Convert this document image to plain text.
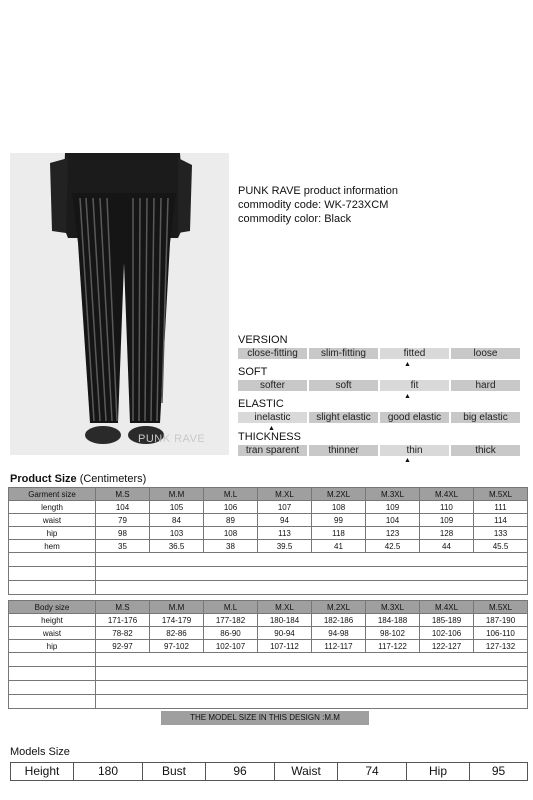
PUNK RAVE
PUNK RAVE product information
commodity code: WK-723XCM
commodity color: Black
VERSION
close-fitting	slim-fitting	fitted	loose
▲
SOFT
softer	soft	fit	hard
▲
ELASTIC
inelastic	slight elastic	good elastic	big elastic
▲
THICKNESS
tran sparent	thinner	thin	thick
▲
Product Size (Centimeters)
Garment size	M.S	M.M	M.L	M.XL	M.2XL	M.3XL	M.4XL	M.5XL
length	104	105	106	107	108	109	110	111
waist	79	84	89	94	99	104	109	114
hip	98	103	108	113	118	123	128	133
hem	35	36.5	38	39.5	41	42.5	44	45.5

Body size	M.S	M.M	M.L	M.XL	M.2XL	M.3XL	M.4XL	M.5XL
height	171-176	174-179	177-182	180-184	182-186	184-188	185-189	187-190
waist	78-82	82-86	86-90	90-94	94-98	98-102	102-106	106-110
hip	92-97	97-102	102-107	107-112	112-117	117-122	122-127	127-132

THE MODEL SIZE IN THIS DESIGN :M.M
Models Size
Height	180	Bust	96	Waist	74	Hip	95
